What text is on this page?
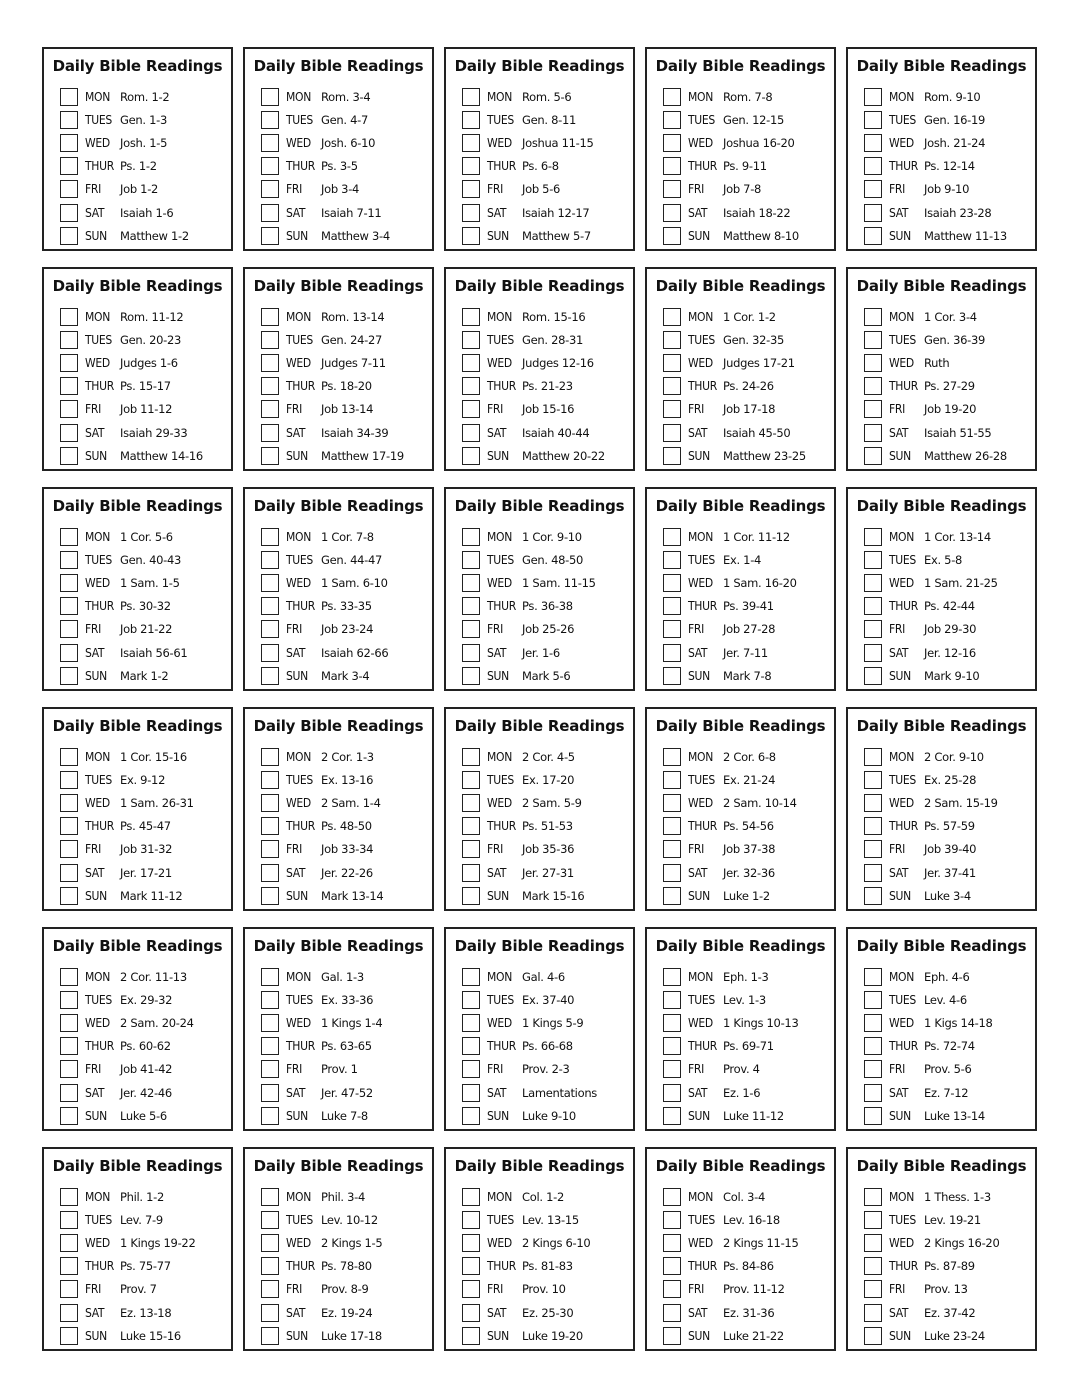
Daily Bible Readings
MON Rom. 1-2
TUES Gen. 1-3
WED Josh. 1-5
THUR Ps. 1-2
FRI	Job 1-2
SAT	Isaiah 1-6
SUN	Matthew 1-2
Daily Bible Readings
MON Rom. 3-4
TUES Gen. 4-7
WED Josh. 6-10
THUR Ps. 3-5
FRI	Job 3-4
SAT	Isaiah 7-11
SUN	Matthew 3-4
Daily Bible Readings
MON Rom. 5-6
TUES Gen. 8-11
WED Joshua 11-15
THUR Ps. 6-8
FRI	Job 5-6
SAT	Isaiah 12-17
SUN	Matthew 5-7
Daily Bible Readings
MON Rom. 7-8
TUES Gen. 12-15
WED Joshua 16-20
THUR Ps. 9-11
FRI	Job 7-8
SAT	Isaiah 18-22
SUN	Matthew 8-10
Daily Bible Readings
MON Rom. 9-10
TUES Gen. 16-19
WED Josh. 21-24
THUR Ps. 12-14
FRI	Job 9-10
SAT	Isaiah 23-28
SUN	Matthew 11-13
Daily Bible Readings
MON Rom. 11-12
TUES Gen. 20-23
WED Judges 1-6
THUR Ps. 15-17
FRI	Job 11-12
SAT	Isaiah 29-33
SUN	Matthew 14-16
Daily Bible Readings
MON Rom. 13-14
TUES Gen. 24-27
WED Judges 7-11
THUR Ps. 18-20
FRI	Job 13-14
SAT	Isaiah 34-39
SUN	Matthew 17-19
Daily Bible Readings
MON Rom. 15-16
TUES Gen. 28-31
WED Judges 12-16
THUR Ps. 21-23
FRI	Job 15-16
SAT	Isaiah 40-44
SUN	Matthew 20-22
Daily Bible Readings
MON 1 Cor. 1-2
TUES Gen. 32-35
WED Judges 17-21
THUR Ps. 24-26
FRI	Job 17-18
SAT	Isaiah 45-50
SUN	Matthew 23-25
Daily Bible Readings
MON 1 Cor. 3-4
TUES Gen. 36-39
WED Ruth
THUR Ps. 27-29
FRI	Job 19-20
SAT	Isaiah 51-55
SUN	Matthew 26-28
Daily Bible Readings
MON 1 Cor. 5-6
TUES Gen. 40-43
WED 1 Sam. 1-5
THUR Ps. 30-32
FRI	Job 21-22
SAT	Isaiah 56-61
SUN	Mark 1-2
Daily Bible Readings
MON 1 Cor. 7-8
TUES Gen. 44-47
WED 1 Sam. 6-10
THUR Ps. 33-35
FRI	Job 23-24
SAT	Isaiah 62-66
SUN	Mark 3-4
Daily Bible Readings
MON 1 Cor. 9-10
TUES Gen. 48-50
WED 1 Sam. 11-15
THUR Ps. 36-38
FRI	Job 25-26
SAT	Jer. 1-6
SUN	Mark 5-6
Daily Bible Readings
MON 1 Cor. 11-12
TUES Ex. 1-4
WED 1 Sam. 16-20
THUR Ps. 39-41
FRI	Job 27-28
SAT	Jer. 7-11
SUN	Mark 7-8
Daily Bible Readings
MON 1 Cor. 13-14
TUES Ex. 5-8
WED 1 Sam. 21-25
THUR Ps. 42-44
FRI	Job 29-30
SAT	Jer. 12-16
SUN	Mark 9-10
Daily Bible Readings
MON 1 Cor. 15-16
TUES Ex. 9-12
WED 1 Sam. 26-31
THUR Ps. 45-47
FRI	Job 31-32
SAT	Jer. 17-21
SUN	Mark 11-12
Daily Bible Readings
MON 2 Cor. 1-3
TUES Ex. 13-16
WED 2 Sam. 1-4
THUR Ps. 48-50
FRI	Job 33-34
SAT	Jer. 22-26
SUN	Mark 13-14
Daily Bible Readings
MON 2 Cor. 4-5
TUES Ex. 17-20
WED 2 Sam. 5-9
THUR Ps. 51-53
FRI	Job 35-36
SAT	Jer. 27-31
SUN	Mark 15-16
Daily Bible Readings
MON 2 Cor. 6-8
TUES Ex. 21-24
WED 2 Sam. 10-14
THUR Ps. 54-56
FRI	Job 37-38
SAT	Jer. 32-36
SUN	Luke 1-2
Daily Bible Readings
MON 2 Cor. 9-10
TUES Ex. 25-28
WED 2 Sam. 15-19
THUR Ps. 57-59
FRI	Job 39-40
SAT	Jer. 37-41
SUN	Luke 3-4
Daily Bible Readings
MON 2 Cor. 11-13
TUES Ex. 29-32
WED 2 Sam. 20-24
THUR Ps. 60-62
FRI	Job 41-42
SAT	Jer. 42-46
SUN	Luke 5-6
Daily Bible Readings
MON Gal. 1-3
TUES Ex. 33-36
WED 1 Kings 1-4
THUR Ps. 63-65
FRI	Prov. 1
SAT	Jer. 47-52
SUN	Luke 7-8
Daily Bible Readings
MON Gal. 4-6
TUES Ex. 37-40
WED 1 Kings 5-9
THUR Ps. 66-68
FRI	Prov. 2-3
SAT	Lamentations
SUN	Luke 9-10
Daily Bible Readings
MON Eph. 1-3
TUES Lev. 1-3
WED 1 Kings 10-13
THUR Ps. 69-71
FRI	Prov. 4
SAT	Ez. 1-6
SUN	Luke 11-12
Daily Bible Readings
MON Eph. 4-6
TUES Lev. 4-6
WED 1 Kigs 14-18
THUR Ps. 72-74
FRI	Prov. 5-6
SAT	Ez. 7-12
SUN	Luke 13-14
Daily Bible Readings
MON Phil. 1-2
TUES Lev. 7-9
WED 1 Kings 19-22
THUR Ps. 75-77
FRI	Prov. 7
SAT	Ez. 13-18
SUN	Luke 15-16
Daily Bible Readings
MON Phil. 3-4
TUES Lev. 10-12
WED 2 Kings 1-5
THUR Ps. 78-80
FRI	Prov. 8-9
SAT	Ez. 19-24
SUN	Luke 17-18
Daily Bible Readings
MON Col. 1-2
TUES Lev. 13-15
WED 2 Kings 6-10
THUR Ps. 81-83
FRI	Prov. 10
SAT	Ez. 25-30
SUN	Luke 19-20
Daily Bible Readings
MON Col. 3-4
TUES Lev. 16-18
WED 2 Kings 11-15
THUR Ps. 84-86
FRI	Prov. 11-12
SAT	Ez. 31-36
SUN	Luke 21-22
Daily Bible Readings
MON 1 Thess. 1-3
TUES Lev. 19-21
WED 2 Kings 16-20
THUR Ps. 87-89
FRI	Prov. 13
SAT	Ez. 37-42
SUN	Luke 23-24
